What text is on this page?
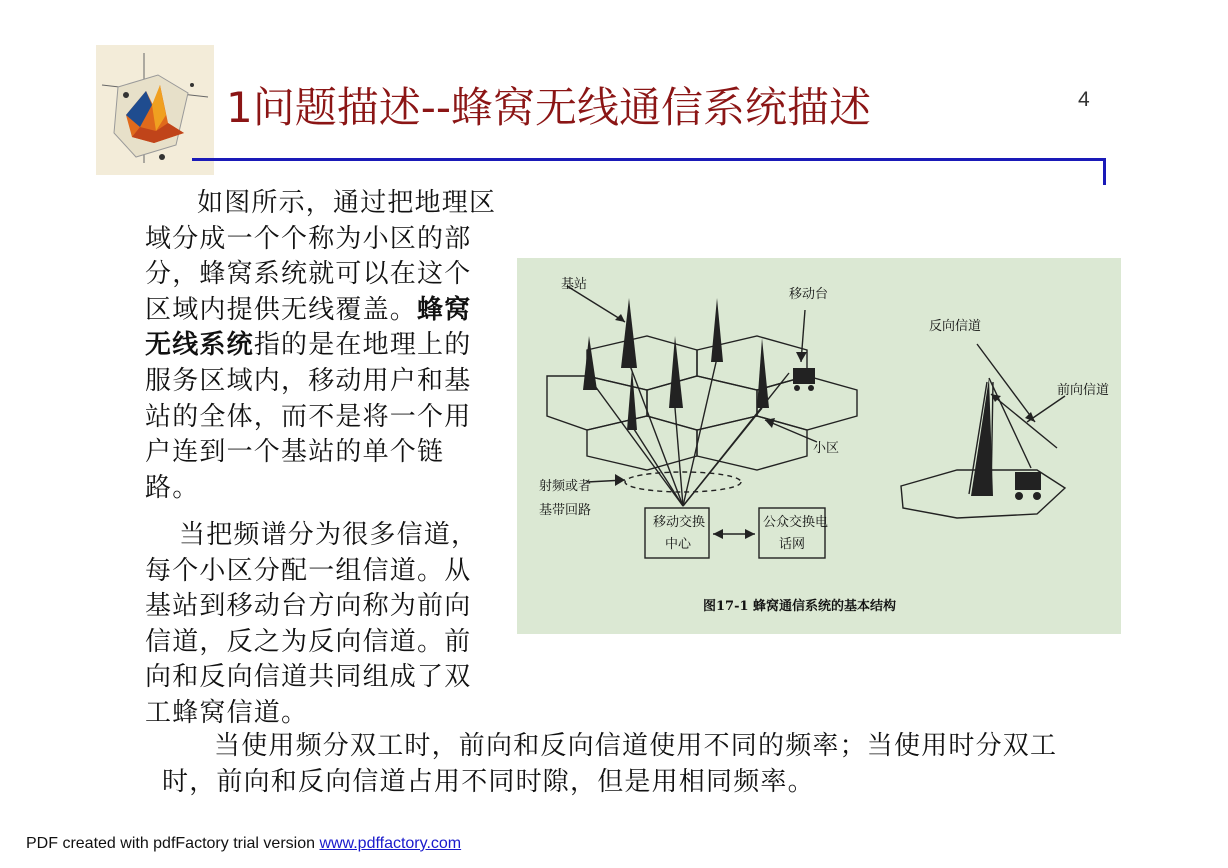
1问题描述--蜂窝无线通信系统描述	4

如图所示，通过把地理区域分成一个个称为小区的部分，蜂窝系统就可以在这个区域内提供无线覆盖。蜂窝无线系统指的是在地理上的服务区域内，移动用户和基站的全体，而不是将一个用户连到一个基站的单个链路。

当把频谱分为很多信道，每个小区分配一组信道。从基站到移动台方向称为前向信道，反之为反向信道。前向和反向信道共同组成了双工蜂窝信道。

当使用频分双工时，前向和反向信道使用不同的频率；当使用时分双工时，前向和反向信道占用不同时隙，但是用相同频率。

基站
移动台
反向信道
前向信道
小区
射频或者
基带回路
移动交换
中心
公众交换电
话网
图17-1 蜂窝通信系统的基本结构
PDF created with pdfFactory trial version www.pdffactory.com
